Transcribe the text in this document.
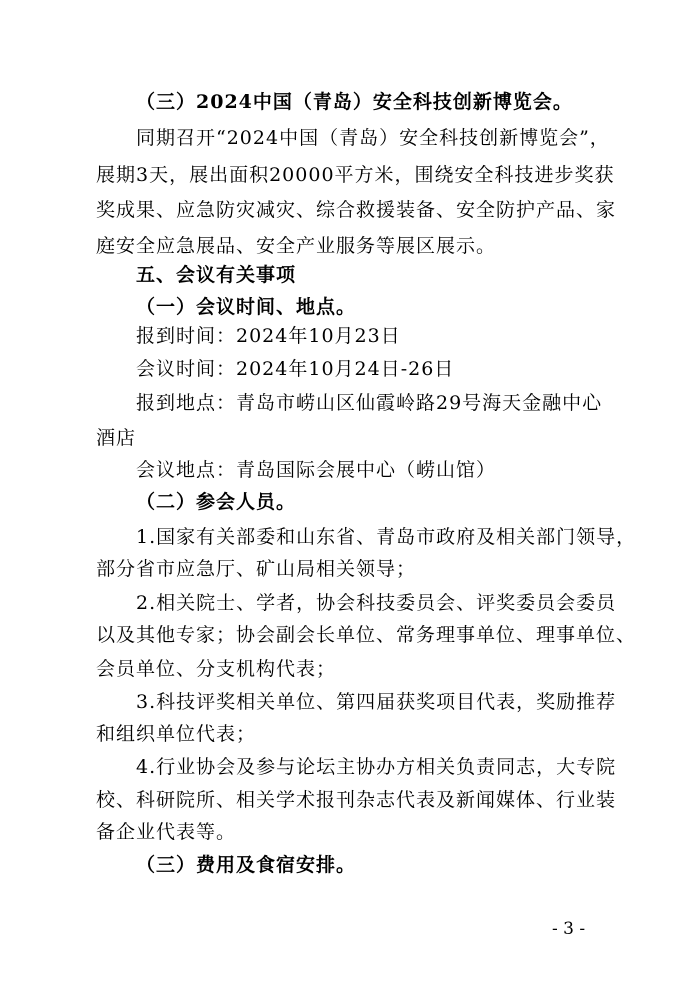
（三）2024中国（青岛）安全科技创新博览会。
同期召开“2024中国（青岛）安全科技创新博览会”，
展期3天，展出面积20000平方米，围绕安全科技进步奖获
奖成果、应急防灾减灾、综合救援装备、安全防护产品、家
庭安全应急展品、安全产业服务等展区展示。
五、会议有关事项
（一）会议时间、地点。
报到时间：2024年10月23日
会议时间：2024年10月24日-26日
报到地点：青岛市崂山区仙霞岭路29号海天金融中心
酒店
会议地点：青岛国际会展中心（崂山馆）
（二）参会人员。
1.国家有关部委和山东省、青岛市政府及相关部门领导，
部分省市应急厅、矿山局相关领导；
2.相关院士、学者，协会科技委员会、评奖委员会委员
以及其他专家；协会副会长单位、常务理事单位、理事单位、
会员单位、分支机构代表；
3.科技评奖相关单位、第四届获奖项目代表，奖励推荐
和组织单位代表；
4.行业协会及参与论坛主协办方相关负责同志，大专院
校、科研院所、相关学术报刊杂志代表及新闻媒体、行业装
备企业代表等。
（三）费用及食宿安排。
- 3 -
